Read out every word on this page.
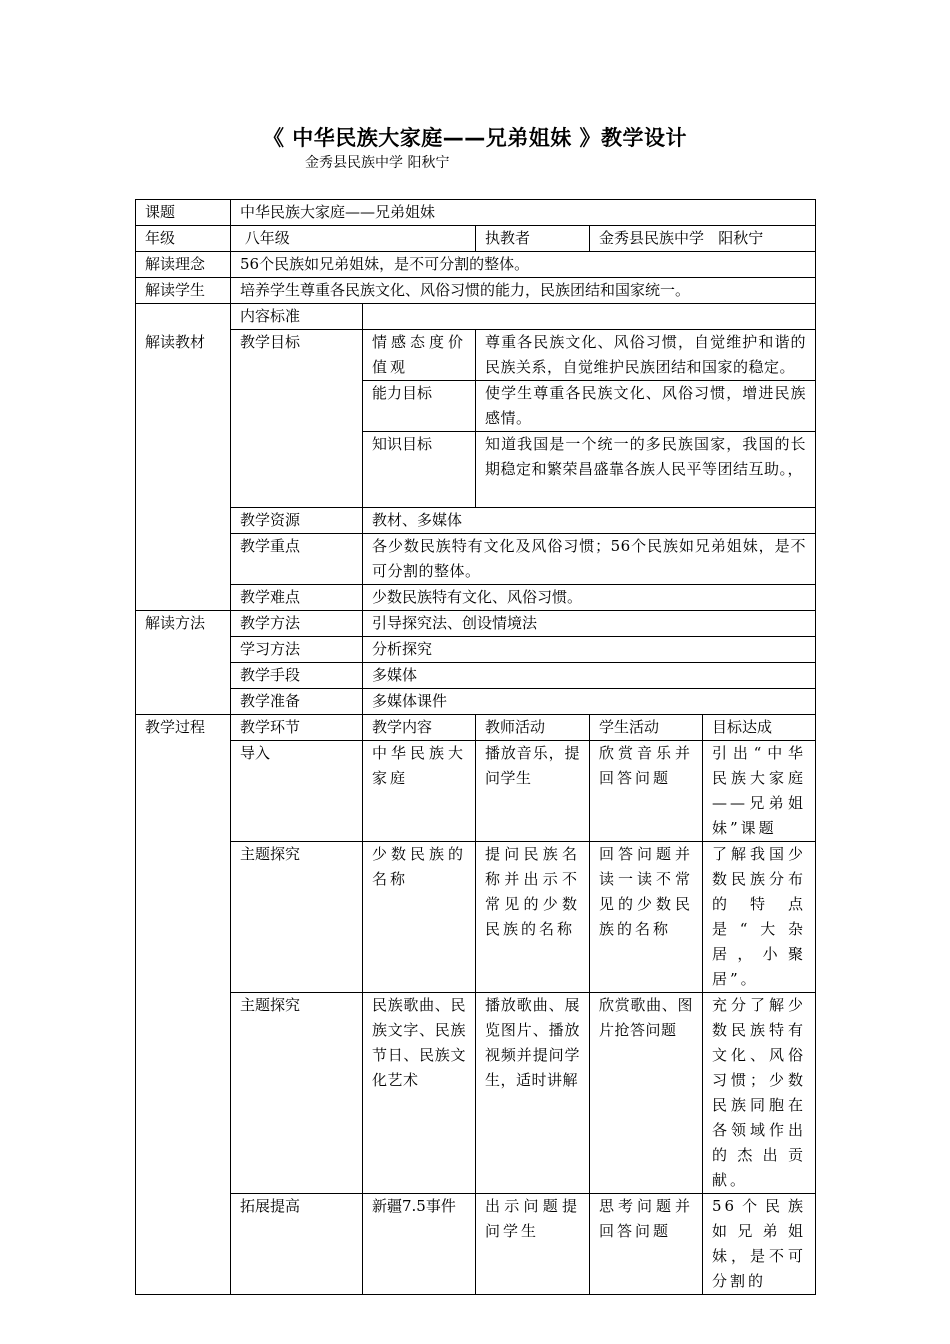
《 中华民族大家庭——兄弟姐妹 》教学设计
金秀县民族中学 阳秋宁
课题	中华民族大家庭——兄弟姐妹				
年级	八年级		执教者	金秀县民族中学   阳秋宁	
解读理念	56个民族如兄弟姐妹，是不可分割的整体。				
解读学生	培养学生尊重各民族文化、风俗习惯的能力，民族团结和国家统一。				
	内容标准				
解读教材	教学目标	情感态度价值观	尊重各民族文化、风俗习惯，自觉维护和谐的民族关系，自觉维护民族团结和国家的稳定。		
		能力目标	使学生尊重各民族文化、风俗习惯，增进民族感情。		
		知识目标	知道我国是一个统一的多民族国家，我国的长期稳定和繁荣昌盛靠各族人民平等团结互助。，		
	教学资源	教材、多媒体			
	教学重点	各少数民族特有文化及风俗习惯；56个民族如兄弟姐妹，是不可分割的整体。			
	教学难点	少数民族特有文化、风俗习惯。			
解读方法	教学方法	引导探究法、创设情境法			
	学习方法	分析探究			
	教学手段	多媒体			
	教学准备	多媒体课件			
教学过程	教学环节	教学内容	教师活动	学生活动	目标达成
	导入	中华民族大家庭	播放音乐，提问学生	欣赏音乐并回答问题	引出“中华民族大家庭——兄弟姐妹”课题
	主题探究	少数民族的名称	提问民族名称并出示不常见的少数民族的名称	回答问题并读一读不常见的少数民族的名称	了解我国少数民族分布的特点是“大杂居，小聚居”。
	主题探究	民族歌曲、民族文字、民族节日、民族文化艺术	播放歌曲、展览图片、播放视频并提问学生，适时讲解	欣赏歌曲、图片抢答问题	充分了解少数民族特有文化、风俗习惯；少数民族同胞在各领域作出的杰出贡献。
	拓展提高	新疆7.5事件	出示问题提问学生	思考问题并回答问题	56个民族如兄弟姐妹，是不可分割的
